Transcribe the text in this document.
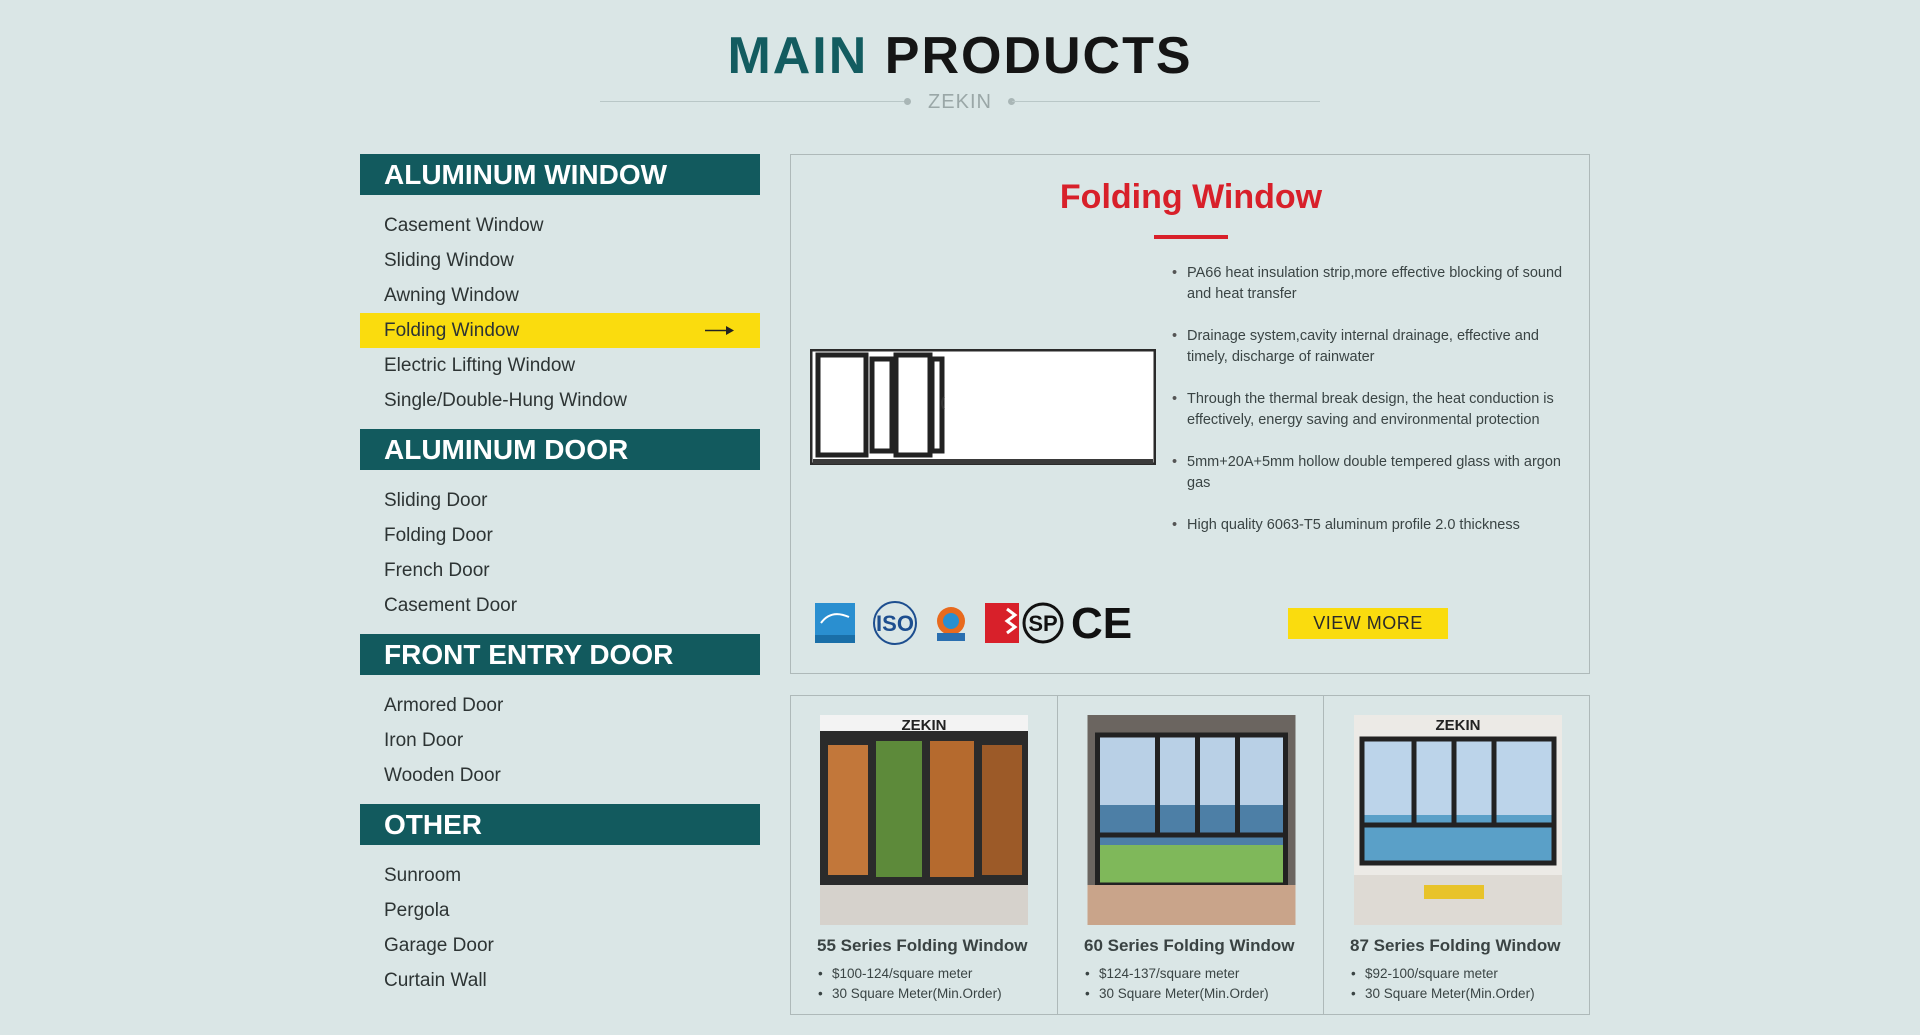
MAIN PRODUCTS
ZEKIN
ALUMINUM WINDOW
Casement Window
Sliding Window
Awning Window
Folding Window
Electric Lifting Window
Single/Double-Hung Window
ALUMINUM DOOR
Sliding Door
Folding Door
French Door
Casement Door
FRONT ENTRY DOOR
Armored Door
Iron Door
Wooden Door
OTHER
Sunroom
Pergola
Garage Door
Curtain Wall
Folding Window
• PA66 heat insulation strip,more effective blocking of sound and heat transfer
• Drainage system,cavity internal drainage, effective and timely, discharge of rainwater
• Through the thermal break design, the heat conduction is effectively, energy saving and environmental protection
• 5mm+20A+5mm hollow double tempered glass with argon gas
• High quality 6063-T5 aluminum profile 2.0 thickness
ISO	SP CE	VIEW MORE
ZEKIN
55 Series Folding Window
• $100-124/square meter
• 30 Square Meter(Min.Order)
60 Series Folding Window
• $124-137/square meter
• 30 Square Meter(Min.Order)
ZEKIN
87 Series Folding Window
• $92-100/square meter
• 30 Square Meter(Min.Order)
